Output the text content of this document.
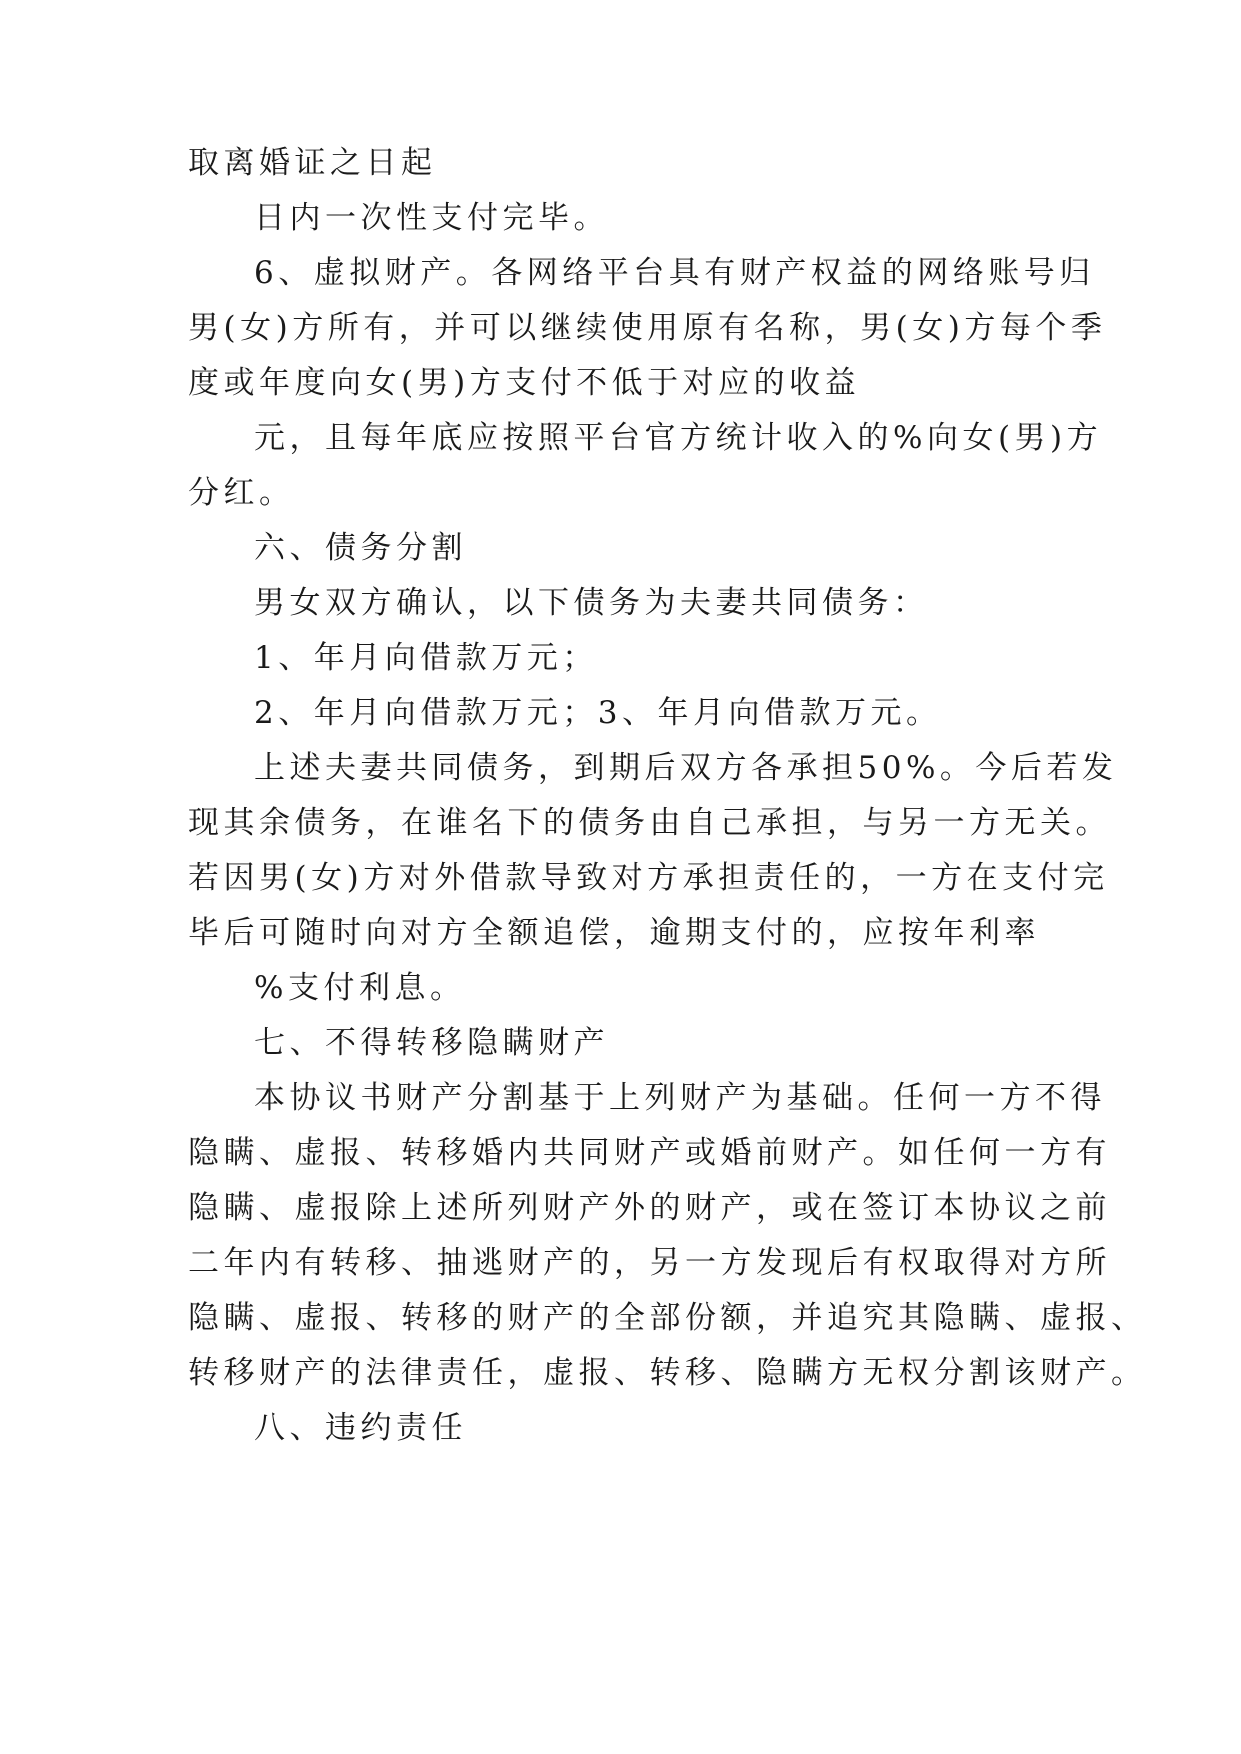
取离婚证之日起
日内一次性支付完毕。
6、虚拟财产。各网络平台具有财产权益的网络账号归
男(女)方所有，并可以继续使用原有名称，男(女)方每个季
度或年度向女(男)方支付不低于对应的收益
元，且每年底应按照平台官方统计收入的%向女(男)方
分红。
六、债务分割
男女双方确认，以下债务为夫妻共同债务：
1、年月向借款万元；
2、年月向借款万元；3、年月向借款万元。
上述夫妻共同债务，到期后双方各承担50%。今后若发
现其余债务，在谁名下的债务由自己承担，与另一方无关。
若因男(女)方对外借款导致对方承担责任的，一方在支付完
毕后可随时向对方全额追偿，逾期支付的，应按年利率
%支付利息。
七、不得转移隐瞒财产
本协议书财产分割基于上列财产为基础。任何一方不得
隐瞒、虚报、转移婚内共同财产或婚前财产。如任何一方有
隐瞒、虚报除上述所列财产外的财产，或在签订本协议之前
二年内有转移、抽逃财产的，另一方发现后有权取得对方所
隐瞒、虚报、转移的财产的全部份额，并追究其隐瞒、虚报、
转移财产的法律责任，虚报、转移、隐瞒方无权分割该财产。
八、违约责任
